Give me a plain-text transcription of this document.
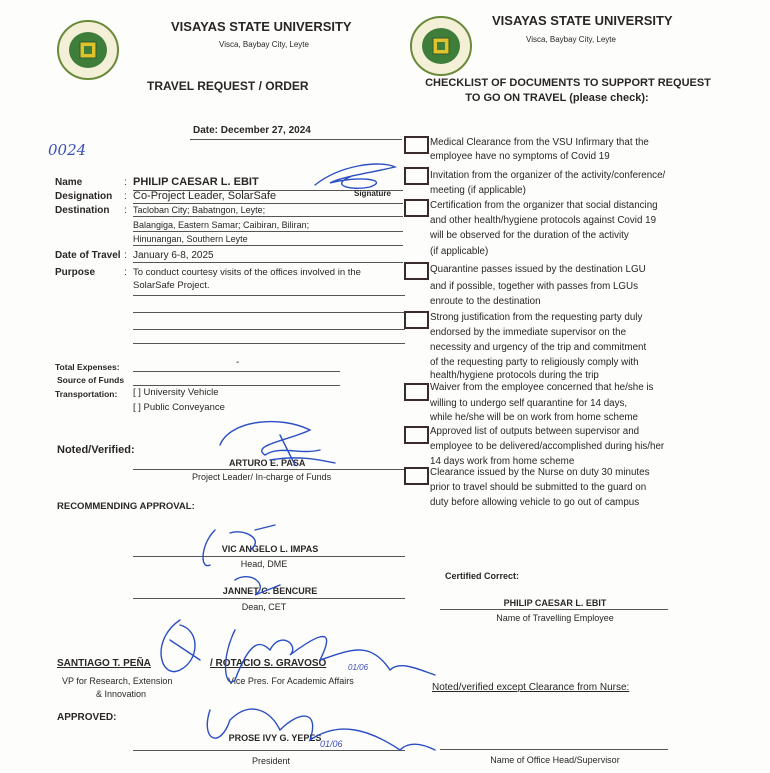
VISAYAS STATE UNIVERSITY
Visca, Baybay City, Leyte
TRAVEL REQUEST / ORDER
VISAYAS STATE UNIVERSITY
Visca, Baybay City, Leyte
CHECKLIST OF DOCUMENTS TO SUPPORT REQUEST
TO GO ON TRAVEL (please check):
Date: December 27, 2024
0024
Name	: PHILIP CAESAR L. EBIT
Signature
Designation : Co-Project Leader, SolarSafe
Destination : Tacloban City; Babatngon, Leyte;
Balangiga, Eastern Samar; Caibiran, Biliran;
Hinunangan, Southern Leyte
Date of Travel : January 6-8, 2025
Purpose	: To conduct courtesy visits of the offices involved in the
SolarSafe Project.
Total Expenses:	-
Source of Funds
Transportation: [ ] University Vehicle
[ ] Public Conveyance
Noted/Verified:
ARTURO E. PASA
Project Leader/ In-charge of Funds
RECOMMENDING APPROVAL:
VIC ANGELO L. IMPAS
Head, DME
JANNET C. BENCURE
Dean, CET
SANTIAGO T. PEÑA	/ ROTACIO S. GRAVOSO
VP for Research, Extension
& Innovation
Vice Pres. For Academic Affairs
APPROVED:
PROSE IVY G. YEPES
President
01/06
01/06
Medical Clearance from the VSU Infirmary that the
employee have no symptoms of Covid 19
Invitation from the organizer of the activity/conference/
meeting (if applicable)
Certification from the organizer that social distancing
and other health/hygiene protocols against Covid 19
will be observed for the duration of the activity
(if applicable)
Quarantine passes issued by the destination LGU
and if possible, together with passes from LGUs
enroute to the destination
Strong justification from the requesting party duly
endorsed by the immediate supervisor on the
necessity and urgency of the trip and commitment
of the requesting party to religiously comply with
health/hygiene protocols during the trip
Waiver from the employee concerned that he/she is
willing to undergo self quarantine for 14 days,
while he/she will be on work from home scheme
Approved list of outputs between supervisor and
employee to be delivered/accomplished during his/her
14 days work from home scheme
Clearance issued by the Nurse on duty 30 minutes
prior to travel should be submitted to the guard on
duty before allowing vehicle to go out of campus
Certified Correct:
PHILIP CAESAR L. EBIT
Name of Travelling Employee
Noted/verified except Clearance from Nurse:
Name of Office Head/Supervisor
